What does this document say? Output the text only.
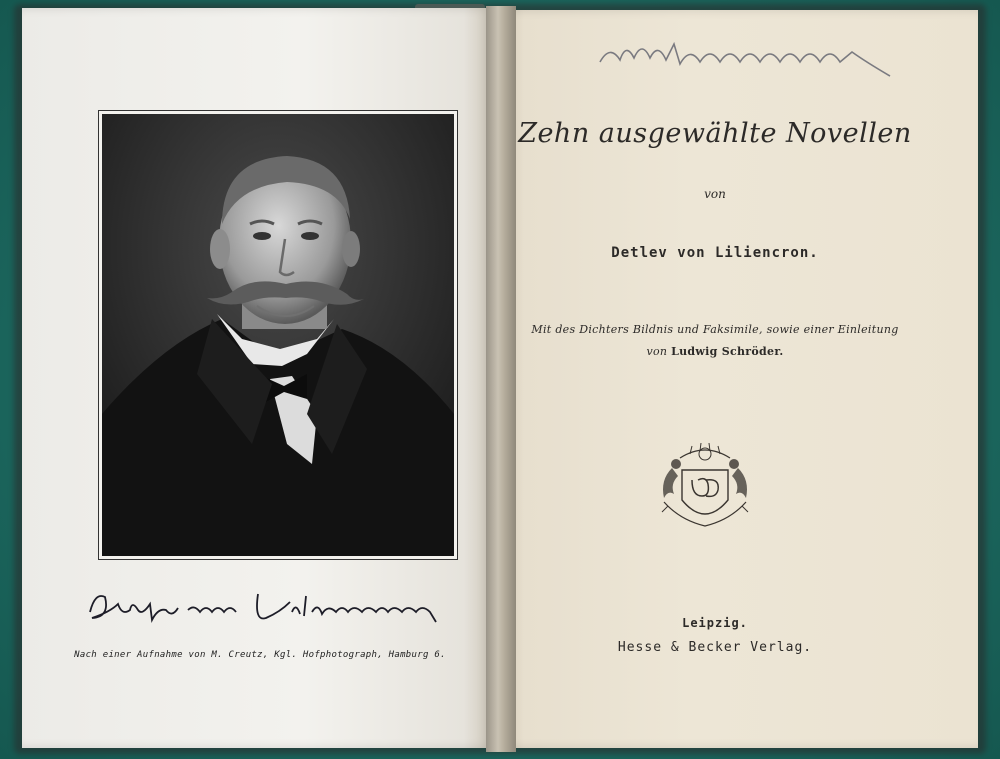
Nach einer Aufnahme von M. Creutz, Kgl. Hofphotograph, Hamburg 6.
Zehn ausgewählte Novellen
von
Detlev von Liliencron.
Mit des Dichters Bildnis und Faksimile, sowie einer Einleitung
von Ludwig Schröder.
Leipzig.
Hesse & Becker Verlag.
